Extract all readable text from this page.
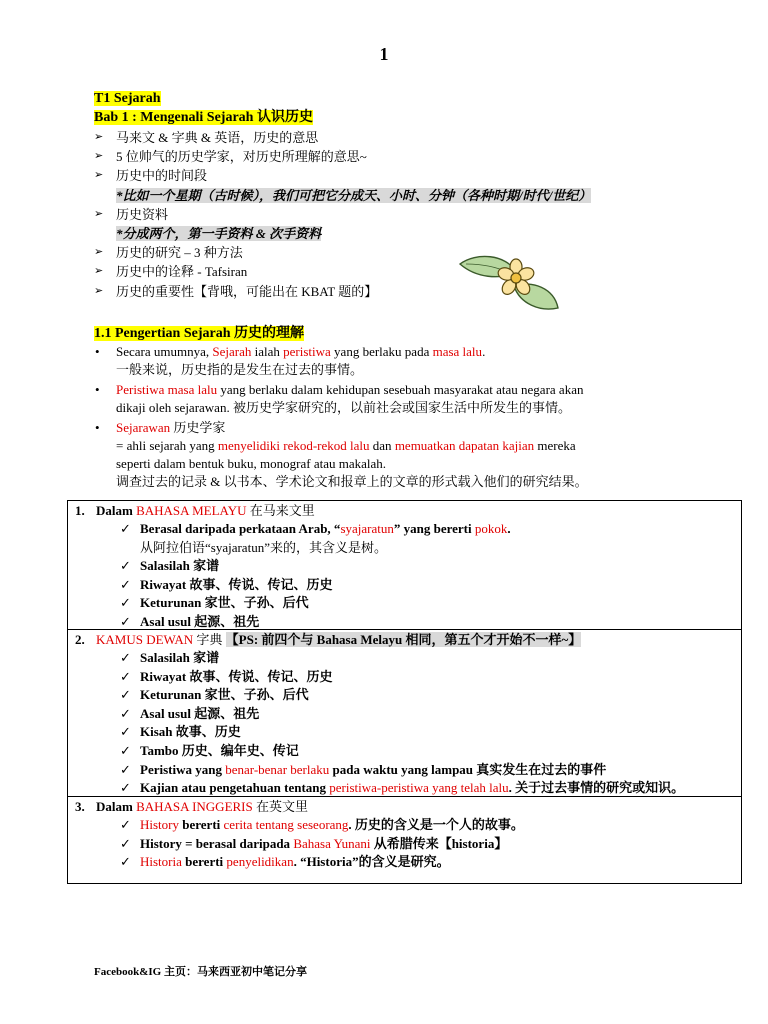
1
T1 Sejarah
Bab 1 : Mengenali Sejarah 认识历史
➢ 马来文 & 字典 & 英语，历史的意思
➢ 5 位帅气的历史学家，对历史所理解的意思~
➢ 历史中的时间段
*比如一个星期（古时候），我们可把它分成天、小时、分钟（各种时期/时代/世纪）
➢ 历史资料
*分成两个，第一手资料 & 次手资料
➢ 历史的研究 – 3 种方法
➢ 历史中的诠释 - Tafsiran
➢ 历史的重要性【背哦，可能出在 KBAT 题的】
1.1 Pengertian Sejarah 历史的理解
• Secara umumnya, Sejarah ialah peristiwa yang berlaku pada masa lalu.
一般来说，历史指的是发生在过去的事情。
• Peristiwa masa lalu yang berlaku dalam kehidupan sesebuah masyarakat atau negara akan
dikaji oleh sejarawan. 被历史学家研究的，以前社会或国家生活中所发生的事情。
• Sejarawan 历史学家
= ahli sejarah yang menyelidiki rekod-rekod lalu dan memuatkan dapatan kajian mereka
seperti dalam bentuk buku, monograf atau makalah.
调查过去的记录 & 以书本、学术论文和报章上的文章的形式载入他们的研究结果。
1. Dalam BAHASA MELAYU 在马来文里
✓ Berasal daripada perkataan Arab, “syajaratun” yang bererti pokok.
从阿拉伯语“syajaratun”来的，其含义是树。
✓ Salasilah 家谱
✓ Riwayat 故事、传说、传记、历史
✓ Keturunan 家世、子孙、后代
✓ Asal usul 起源、祖先
2. KAMUS DEWAN 字典 【PS: 前四个与 Bahasa Melayu 相同，第五个才开始不一样~】
✓ Salasilah 家谱
✓ Riwayat 故事、传说、传记、历史
✓ Keturunan 家世、子孙、后代
✓ Asal usul 起源、祖先
✓ Kisah 故事、历史
✓ Tambo 历史、编年史、传记
✓ Peristiwa yang benar-benar berlaku pada waktu yang lampau 真实发生在过去的事件
✓ Kajian atau pengetahuan tentang peristiwa-peristiwa yang telah lalu. 关于过去事情的研究或知识。
3. Dalam BAHASA INGGERIS 在英文里
✓ History bererti cerita tentang seseorang. 历史的含义是一个人的故事。
✓ History = berasal daripada Bahasa Yunani 从希腊传来【historia】
✓ Historia bererti penyelidikan. “Historia”的含义是研究。
Facebook&IG 主页：马来西亚初中笔记分享
